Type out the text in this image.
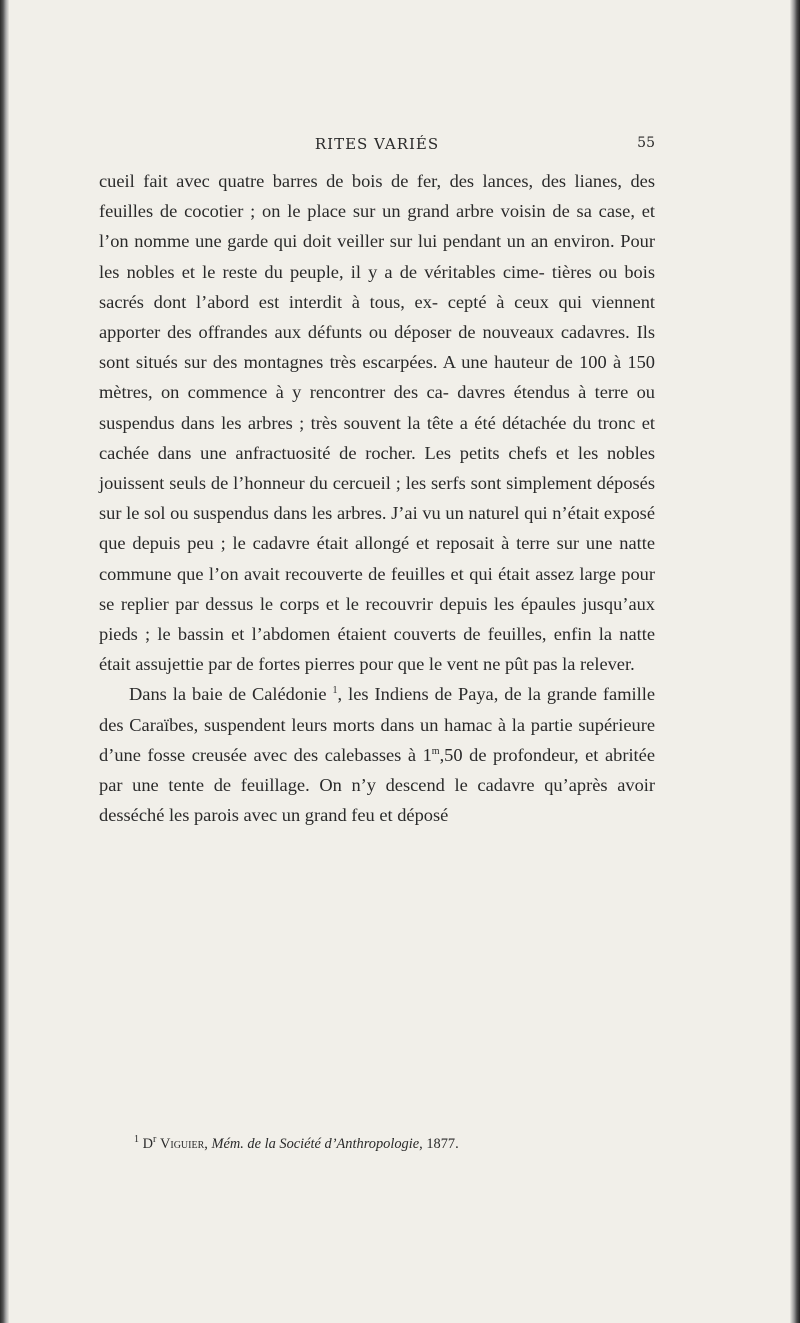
RITES VARIÉS	55

cueil fait avec quatre barres de bois de fer, des lances, des lianes, des feuilles de cocotier ; on le place sur un grand arbre voisin de sa case, et l’on nomme une garde qui doit veiller sur lui pendant un an environ. Pour les nobles et le reste du peuple, il y a de véritables cime- tières ou bois sacrés dont l’abord est interdit à tous, ex- cepté à ceux qui viennent apporter des offrandes aux défunts ou déposer de nouveaux cadavres. Ils sont situés sur des montagnes très escarpées. A une hauteur de 100 à 150 mètres, on commence à y rencontrer des ca- davres étendus à terre ou suspendus dans les arbres ; très souvent la tête a été détachée du tronc et cachée dans une anfractuosité de rocher. Les petits chefs et les nobles jouissent seuls de l’honneur du cercueil ; les serfs sont simplement déposés sur le sol ou suspendus dans les arbres. J’ai vu un naturel qui n’était exposé que depuis peu ; le cadavre était allongé et reposait à terre sur une natte commune que l’on avait recouverte de feuilles et qui était assez large pour se replier par dessus le corps et le recouvrir depuis les épaules jusqu’aux pieds ; le bassin et l’abdomen étaient couverts de feuilles, enfin la natte était assujettie par de fortes pierres pour que le vent ne pût pas la relever.

Dans la baie de Calédonie $^1$, les Indiens de Paya, de la grande famille des Caraïbes, suspendent leurs morts dans un hamac à la partie supérieure d’une fosse creusée avec des calebasses à 1$^m$,50 de profondeur, et abritée par une tente de feuillage. On n’y descend le cadavre qu’après avoir desséché les parois avec un grand feu et déposé

$^1$ $D^r$ Viguier, Mém. de la Société d’Anthropologie, 1877.
